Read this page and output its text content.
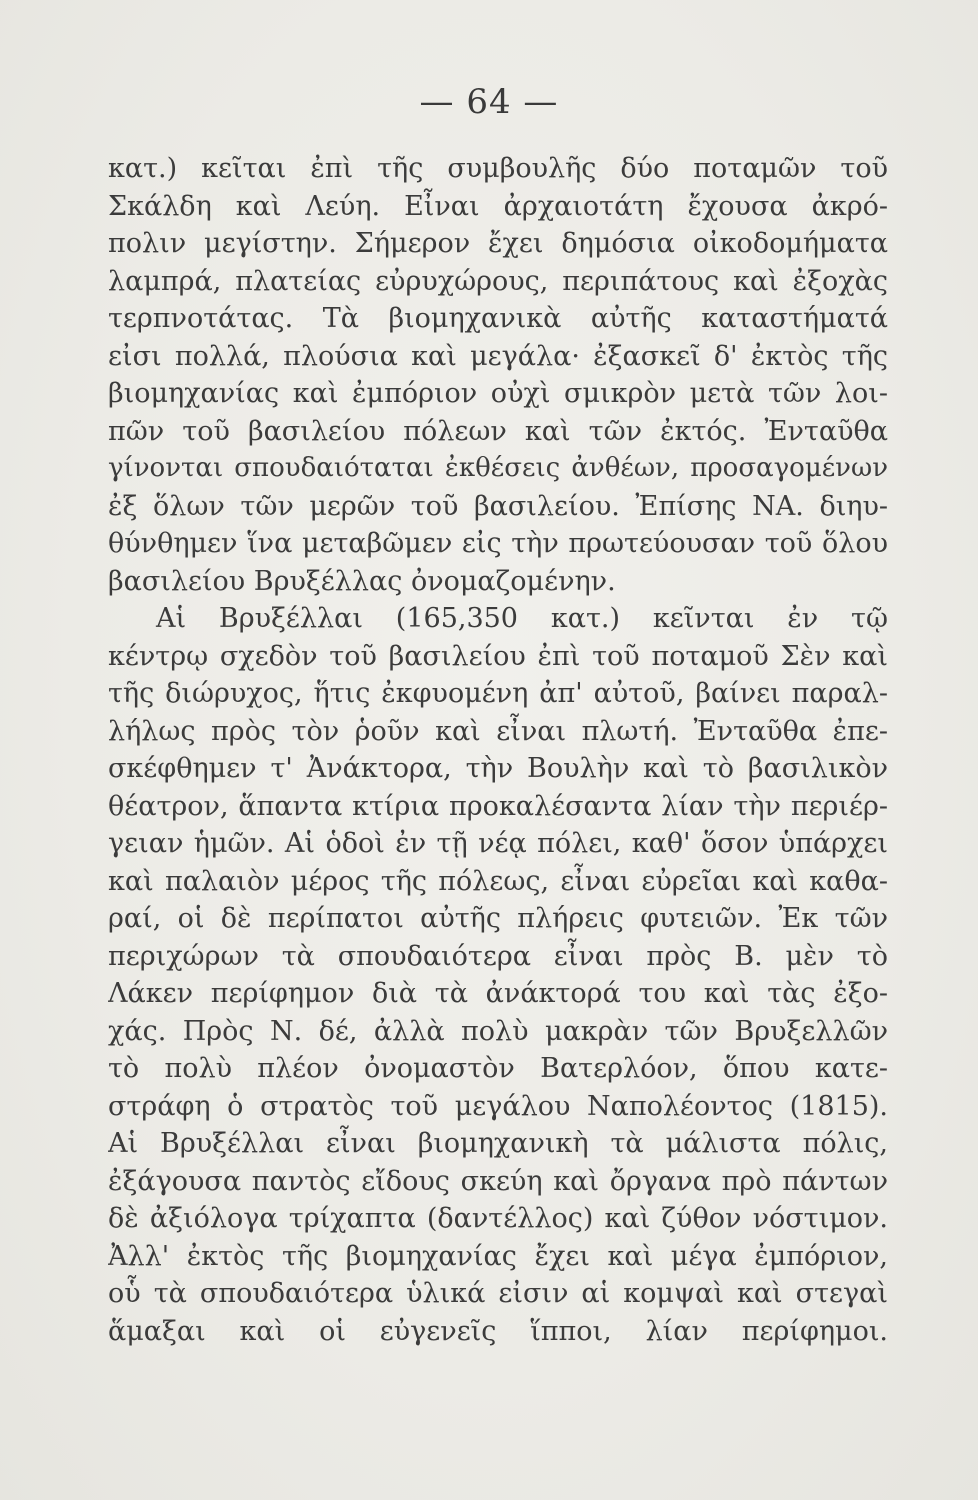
— 64 —
κατ.) κεῖται ἐπὶ τῆς συμβουλῆς δύο ποταμῶν τοῦ
Σκάλδη καὶ Λεύη. Εἶναι ἀρχαιοτάτη ἔχουσα ἀκρό-
πολιν μεγίστην. Σήμερον ἔχει δημόσια οἰκοδομήματα
λαμπρά, πλατείας εὐρυχώρους, περιπάτους καὶ ἐξοχὰς
τερπνοτάτας. Τὰ βιομηχανικὰ αὐτῆς καταστήματά
εἰσι πολλά, πλούσια καὶ μεγάλα· ἐξασκεῖ δ' ἐκτὸς τῆς
βιομηχανίας καὶ ἐμπόριον οὐχὶ σμικρὸν μετὰ τῶν λοι-
πῶν τοῦ βασιλείου πόλεων καὶ τῶν ἐκτός. Ἐνταῦθα
γίνονται σπουδαιόταται ἐκθέσεις ἀνθέων, προσαγομένων
ἐξ ὅλων τῶν μερῶν τοῦ βασιλείου. Ἐπίσης ΝΑ. διηυ-
θύνθημεν ἵνα μεταβῶμεν εἰς τὴν πρωτεύουσαν τοῦ ὅλου
βασιλείου Βρυξέλλας ὀνομαζομένην.
Αἱ Βρυξέλλαι (165,350 κατ.) κεῖνται ἐν τῷ
κέντρῳ σχεδὸν τοῦ βασιλείου ἐπὶ τοῦ ποταμοῦ Σὲν καὶ
τῆς διώρυχος, ἥτις ἐκφυομένη ἀπ' αὐτοῦ, βαίνει παραλ-
λήλως πρὸς τὸν ῥοῦν καὶ εἶναι πλωτή. Ἐνταῦθα ἐπε-
σκέφθημεν τ' Ἀνάκτορα, τὴν Βουλὴν καὶ τὸ βασιλικὸν
θέατρον, ἅπαντα κτίρια προκαλέσαντα λίαν τὴν περιέρ-
γειαν ἡμῶν. Αἱ ὁδοὶ ἐν τῇ νέᾳ πόλει, καθ' ὅσον ὑπάρχει
καὶ παλαιὸν μέρος τῆς πόλεως, εἶναι εὐρεῖαι καὶ καθα-
ραί, οἱ δὲ περίπατοι αὐτῆς πλήρεις φυτειῶν. Ἐκ τῶν
περιχώρων τὰ σπουδαιότερα εἶναι πρὸς Β. μὲν τὸ
Λάκεν περίφημον διὰ τὰ ἀνάκτορά του καὶ τὰς ἐξο-
χάς. Πρὸς Ν. δέ, ἀλλὰ πολὺ μακρὰν τῶν Βρυξελλῶν
τὸ πολὺ πλέον ὀνομαστὸν Βατερλόον, ὅπου κατε-
στράφη ὁ στρατὸς τοῦ μεγάλου Ναπολέοντος (1815).
Αἱ Βρυξέλλαι εἶναι βιομηχανικὴ τὰ μάλιστα πόλις,
ἐξάγουσα παντὸς εἴδους σκεύη καὶ ὄργανα πρὸ πάντων
δὲ ἀξιόλογα τρίχαπτα (δαντέλλος) καὶ ζύθον νόστιμον.
Ἀλλ' ἐκτὸς τῆς βιομηχανίας ἔχει καὶ μέγα ἐμπόριον,
οὗ τὰ σπουδαιότερα ὑλικά εἰσιν αἱ κομψαὶ καὶ στεγαὶ
ἅμαξαι καὶ οἱ εὐγενεῖς ἵπποι, λίαν περίφημοι.
